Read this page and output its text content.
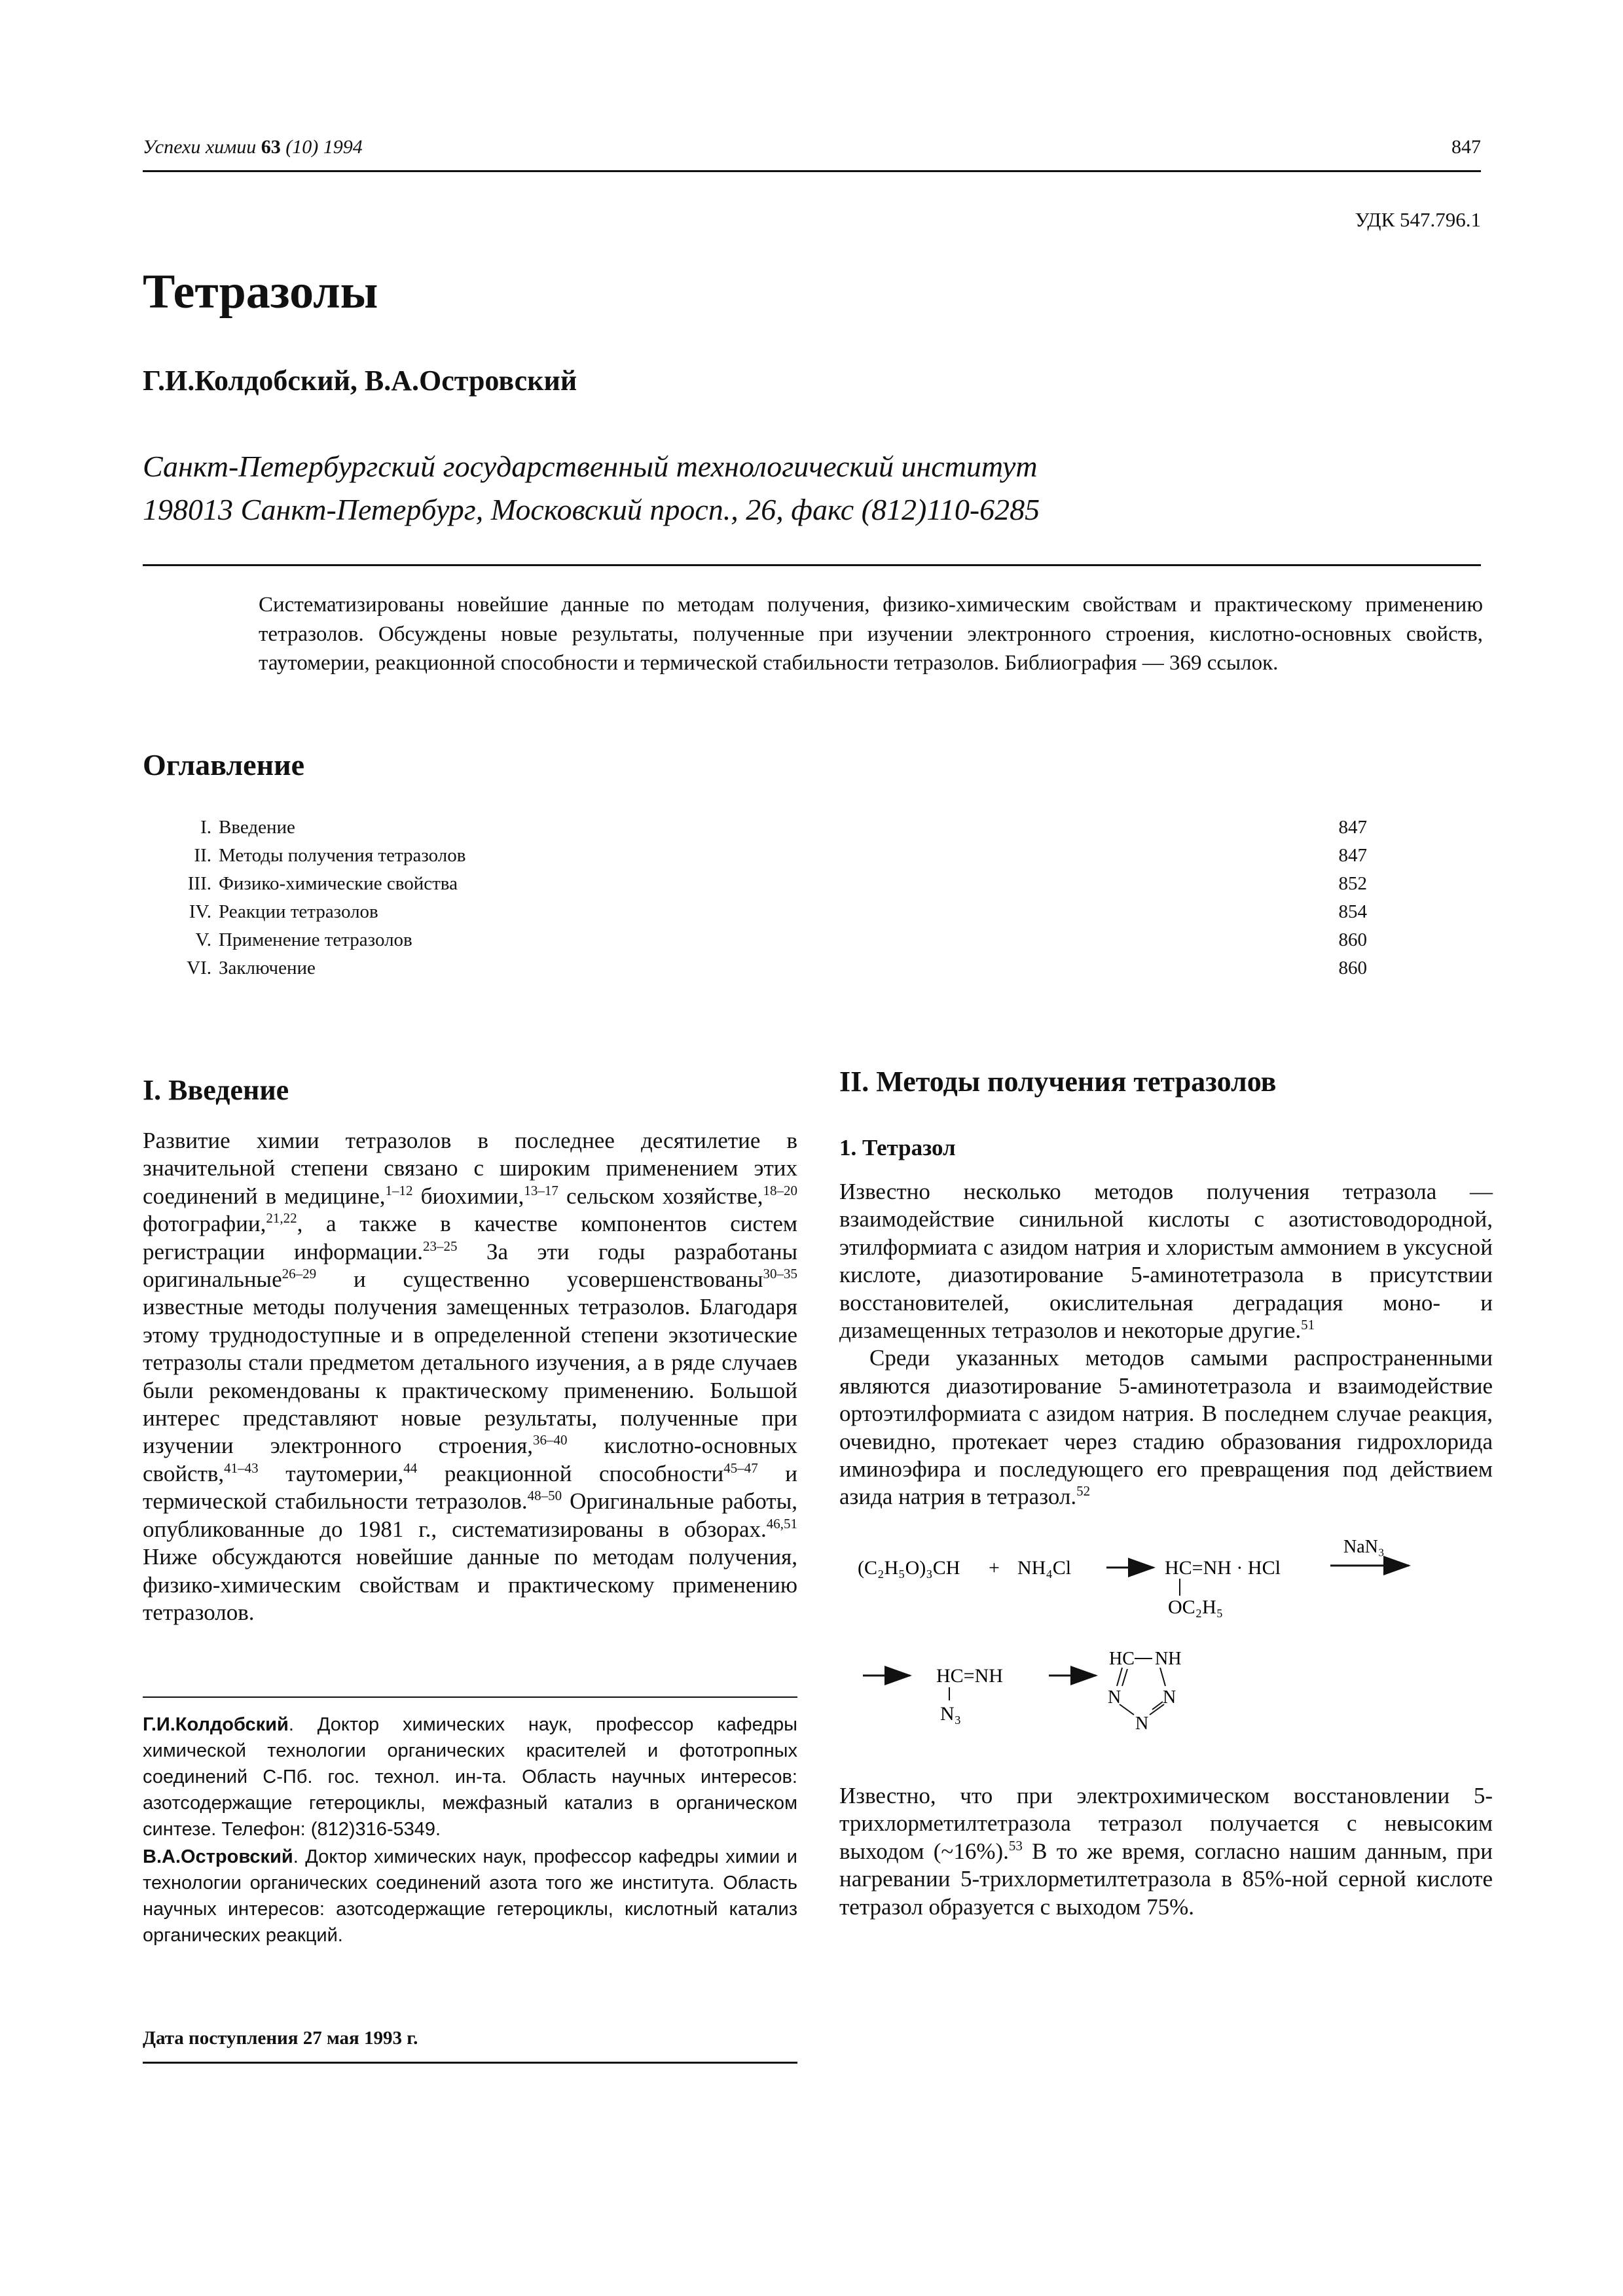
Успехи химии 63 (10) 1994	847
УДК 547.796.1
Тетразолы
Г.И.Колдобский, В.А.Островский
Санкт-Петербургский государственный технологический институт
198013 Санкт-Петербург, Московский просп., 26, факс (812)110-6285
Систематизированы новейшие данные по методам получения, физико-химическим свойствам и практическому применению тетразолов. Обсуждены новые результаты, полученные при изучении электронного строения, кислотно-основных свойств, таутомерии, реакционной способности и термической стабильности тетразолов. Библиография — 369 ссылок.
Оглавление
I. Введение	847
II. Методы получения тетразолов	847
III. Физико-химические свойства	852
IV. Реакции тетразолов	854
V. Применение тетразолов	860
VI. Заключение	860
I. Введение

Развитие химии тетразолов в последнее десятилетие в значительной степени связано с широким применением этих соединений в медицине,$^{1-12}$ биохимии,$^{13-17}$ сельском хозяйстве,$^{18-20}$ фотографии,$^{21,22}$, а также в качестве компонентов систем регистрации информации.$^{23-25}$ За эти годы разработаны оригинальные$^{26-29}$ и существенно усовершенствованы$^{30-35}$ известные методы получения замещенных тетразолов. Благодаря этому труднодоступные и в определенной степени экзотические тетразолы стали предметом детального изучения, а в ряде случаев были рекомендованы к практическому применению. Большой интерес представляют новые результаты, полученные при изучении электронного строения,$^{36-40}$ кислотно-основных свойств,$^{41-43}$ таутомерии,$^{44}$ реакционной способности$^{45-47}$ и термической стабильности тетразолов.$^{48-50}$ Оригинальные работы, опубликованные до 1981 г., систематизированы в обзорах.$^{46,51}$ Ниже обсуждаются новейшие данные по методам получения, физико-химическим свойствам и практическому применению тетразолов.

Г.И.Колдобский. Доктор химических наук, профессор кафедры химической технологии органических красителей и фототропных соединений С-Пб. гос. технол. ин-та. Область научных интересов: азотсодержащие гетероциклы, межфазный катализ в органическом синтезе. Телефон: (812)316-5349.
В.А.Островский. Доктор химических наук, профессор кафедры химии и технологии органических соединений азота того же института. Область научных интересов: азотсодержащие гетероциклы, кислотный катализ органических реакций.
Дата поступления 27 мая 1993 г.
II. Методы получения тетразолов
1. Тетразол

Известно несколько методов получения тетразола — взаимодействие синильной кислоты с азотистоводородной, этилформиата с азидом натрия и хлористым аммонием в уксусной кислоте, диазотирование 5-аминотетразола в присутствии восстановителей, окислительная деградация моно- и дизамещенных тетразолов и некоторые другие.$^{51}$

Среди указанных методов самыми распространенными являются диазотирование 5-аминотетразола и взаимодействие ортоэтилформиата с азидом натрия. В последнем случае реакция, очевидно, протекает через стадию образования гидрохлорида иминоэфира и последующего его превращения под действием азида натрия в тетразол.$^{52}$

(C₂H₅O)₃CH + NH₄Cl	HC=NH · HCl
OC₂H₅
NaN₃
HC=NH
N₃
HC NH
N N
N

Известно, что при электрохимическом восстановлении 5-трихлорметилтетразола тетразол получается с невысоким выходом (~16%).$^{53}$ В то же время, согласно нашим данным, при нагревании 5-трихлорметилтетразола в 85%-ной серной кислоте тетразол образуется с выходом 75%.
